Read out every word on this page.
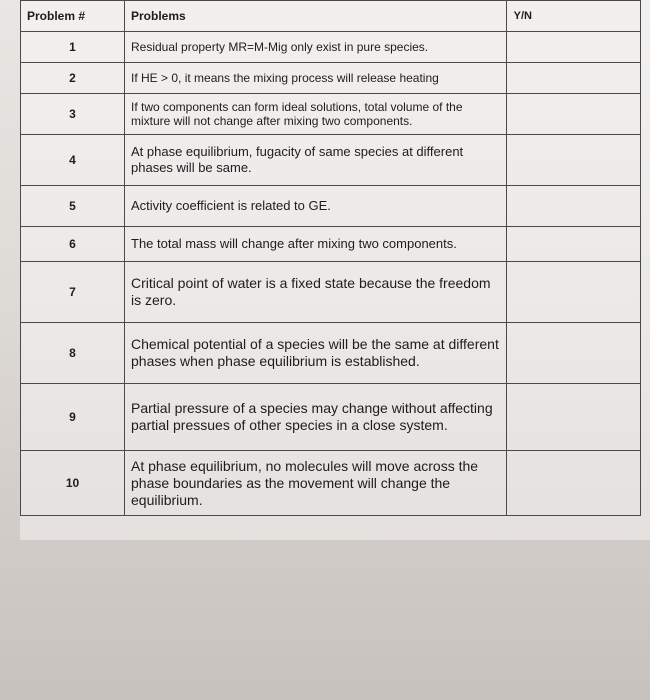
Problem #	Problems	Y/N
1	Residual property MR=M-Mig only exist in pure species.	
2	If HE > 0, it means the mixing process will release heating	
3	If two components can form ideal solutions, total volume of the mixture will not change after mixing two components.	
4	At phase equilibrium, fugacity of same species at different phases will be same.	
5	Activity coefficient is related to GE.	
6	The total mass will change after mixing two components.	
7	Critical point of water is a fixed state because the freedom is zero.	
8	Chemical potential of a species will be the same at different phases when phase equilibrium is established.	
9	Partial pressure of a species may change without affecting partial pressues of other species in a close system.	
10	At phase equilibrium, no molecules will move across the phase boundaries as the movement will change the equilibrium.	
